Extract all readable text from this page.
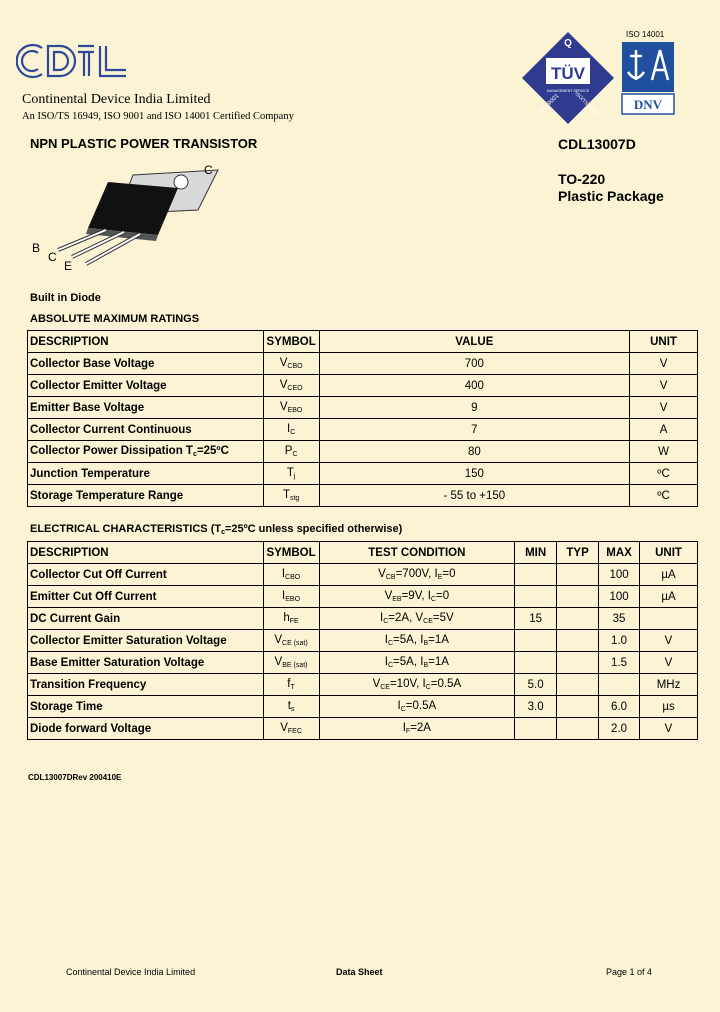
Continental Device India Limited
An ISO/TS 16949, ISO 9001 and ISO 14001 Certified Company
TÜV
MANAGEMENT SERVICE
ISO 9001	ISO/TS 16949
Q
ISO 14001
DNV
NPN PLASTIC POWER TRANSISTOR	CDL13007D
TO-220
Plastic Package
C
B
C
E
Built in Diode
ABSOLUTE MAXIMUM RATINGS
DESCRIPTION	SYMBOL	VALUE	UNIT
Collector Base Voltage	$V_{CBO}$	700	V
Collector Emitter Voltage	$V_{CEO}$	400	V
Emitter Base Voltage	$V_{EBO}$	9	V
Collector Current Continuous	$I_C$	7	A
Collector Power Dissipation $T_c=25ºC$	$P_C$	80	W
Junction Temperature	$T_j$	150	ºC
Storage Temperature Range	$T_{stg}$	- 55 to +150	ºC
ELECTRICAL CHARACTERISTICS ($T_c=25ºC$ unless specified otherwise)
DESCRIPTION	SYMBOL	TEST CONDITION	MIN	TYP	MAX	UNIT
Collector Cut Off Current	$I_{CBO}$	$V_{CB}=700V$, $I_E=0$			100	µA
Emitter Cut Off Current	$I_{EBO}$	$V_{EB}=9V$, $I_C=0$			100	µA
DC Current Gain	$h_{FE}$	$I_C=2A$, $V_{CE}=5V$	15		35	
Collector Emitter Saturation Voltage	$V_{CE (sat)}$	$I_C=5A$, $I_B=1A$			1.0	V
Base Emitter Saturation Voltage	$V_{BE (sat)}$	$I_C=5A$, $I_B=1A$			1.5	V
Transition Frequency	$f_T$	$V_{CE}=10V$, $I_C=0.5A$	5.0			MHz
Storage Time	$t_s$	$I_C=0.5A$	3.0		6.0	µs
Diode forward Voltage	$V_{FEC}$	$I_F=2A$			2.0	V
CDL13007DRev 200410E
Continental Device India Limited	Data Sheet	Page 1 of 4
